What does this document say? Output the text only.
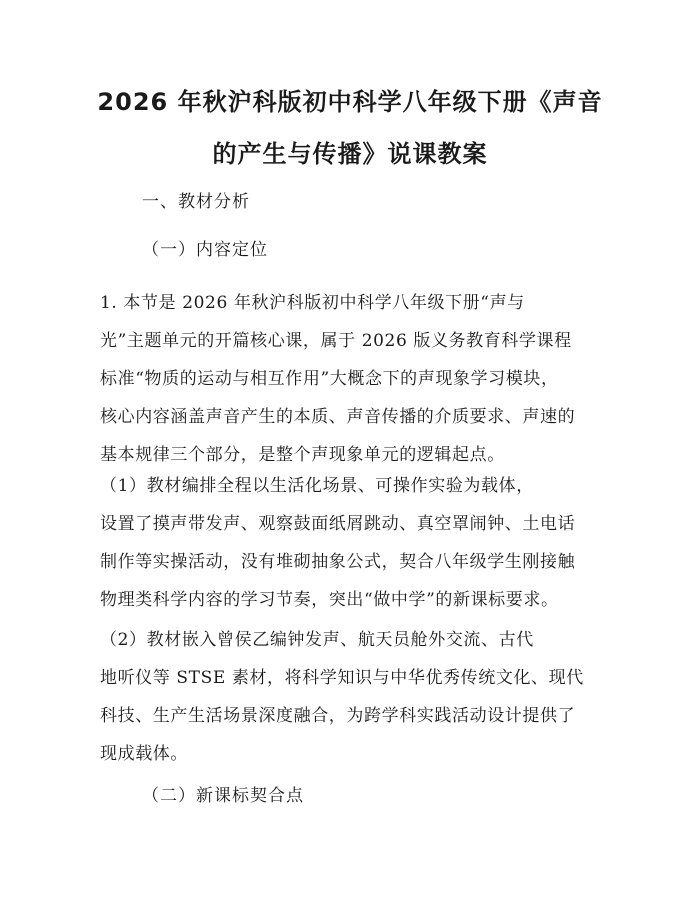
2026 年秋沪科版初中科学八年级下册《声音
的产生与传播》说课教案
一、教材分析
（一）内容定位
1. 本节是 2026 年秋沪科版初中科学八年级下册“声与
光”主题单元的开篇核心课，属于 2026 版义务教育科学课程
标准“物质的运动与相互作用”大概念下的声现象学习模块，
核心内容涵盖声音产生的本质、声音传播的介质要求、声速的
基本规律三个部分，是整个声现象单元的逻辑起点。
（1）教材编排全程以生活化场景、可操作实验为载体，
设置了摸声带发声、观察鼓面纸屑跳动、真空罩闹钟、土电话
制作等实操活动，没有堆砌抽象公式，契合八年级学生刚接触
物理类科学内容的学习节奏，突出“做中学”的新课标要求。
（2）教材嵌入曾侯乙编钟发声、航天员舱外交流、古代
地听仪等 STSE 素材，将科学知识与中华优秀传统文化、现代
科技、生产生活场景深度融合，为跨学科实践活动设计提供了
现成载体。
（二）新课标契合点
